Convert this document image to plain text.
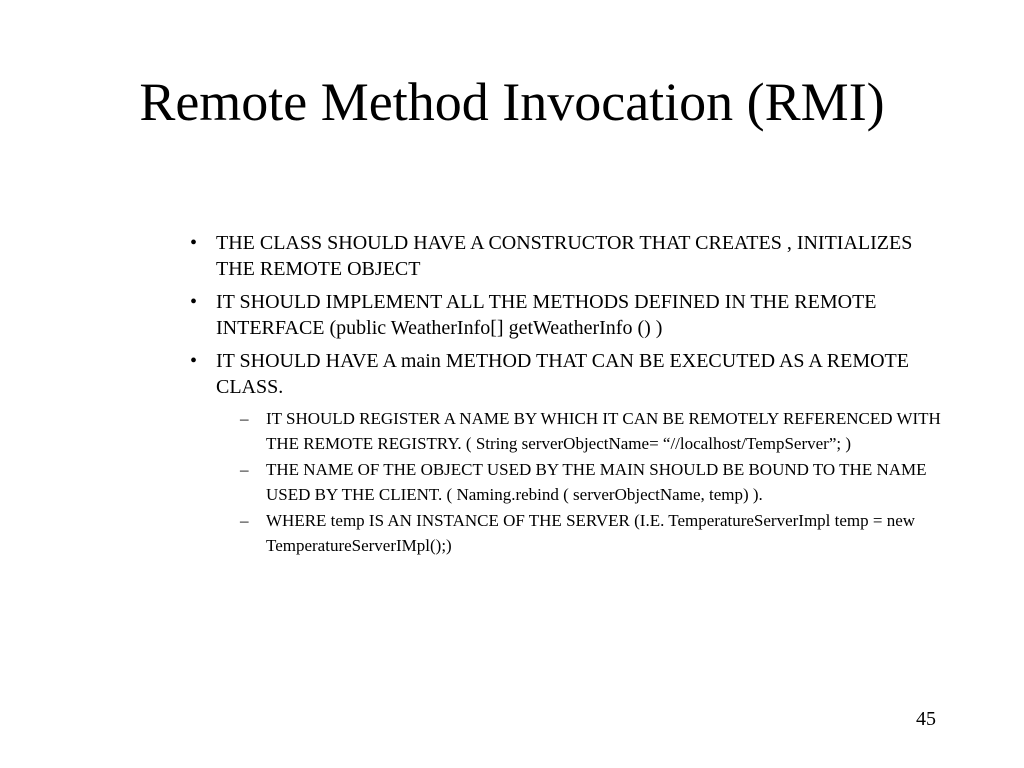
Remote Method Invocation (RMI)
• THE CLASS SHOULD HAVE A CONSTRUCTOR THAT CREATES , INITIALIZES THE REMOTE OBJECT
• IT SHOULD IMPLEMENT ALL THE METHODS DEFINED IN THE REMOTE INTERFACE (public WeatherInfo[] getWeatherInfo () )
• IT SHOULD HAVE A main METHOD THAT CAN BE EXECUTED AS A REMOTE CLASS.
– IT SHOULD REGISTER A NAME BY WHICH IT CAN BE REMOTELY REFERENCED WITH THE REMOTE REGISTRY. ( String serverObjectName= “//localhost/TempServer”; )
– THE NAME OF THE OBJECT USED BY THE MAIN SHOULD BE BOUND TO THE NAME USED BY THE CLIENT. ( Naming.rebind ( serverObjectName, temp) ).
– WHERE temp IS AN INSTANCE OF THE SERVER (I.E. TemperatureServerImpl temp = new TemperatureServerIMpl();)
45
